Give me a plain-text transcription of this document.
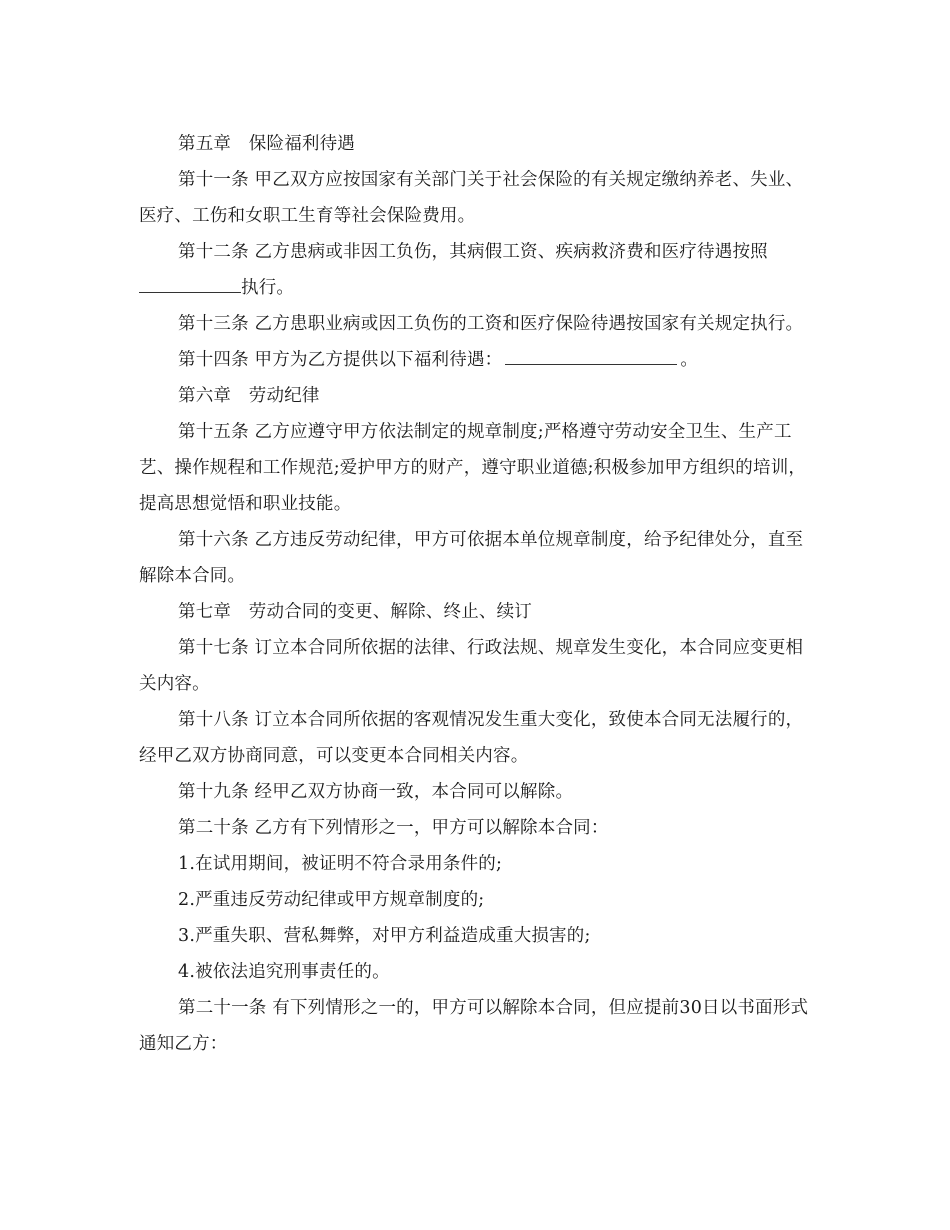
第五章　保险福利待遇

第十一条 甲乙双方应按国家有关部门关于社会保险的有关规定缴纳养老、失业、医疗、工伤和女职工生育等社会保险费用。

第十二条 乙方患病或非因工负伤，其病假工资、疾病救济费和医疗待遇按照执行。

第十三条 乙方患职业病或因工负伤的工资和医疗保险待遇按国家有关规定执行。

第十四条 甲方为乙方提供以下福利待遇：	。

第六章　劳动纪律

第十五条 乙方应遵守甲方依法制定的规章制度;严格遵守劳动安全卫生、生产工艺、操作规程和工作规范;爱护甲方的财产，遵守职业道德;积极参加甲方组织的培训，提高思想觉悟和职业技能。

第十六条 乙方违反劳动纪律，甲方可依据本单位规章制度，给予纪律处分，直至解除本合同。

第七章　劳动合同的变更、解除、终止、续订

第十七条 订立本合同所依据的法律、行政法规、规章发生变化，本合同应变更相关内容。

第十八条 订立本合同所依据的客观情况发生重大变化，致使本合同无法履行的，经甲乙双方协商同意，可以变更本合同相关内容。

第十九条 经甲乙双方协商一致，本合同可以解除。

第二十条 乙方有下列情形之一，甲方可以解除本合同：

1.在试用期间，被证明不符合录用条件的;

2.严重违反劳动纪律或甲方规章制度的;

3.严重失职、营私舞弊，对甲方利益造成重大损害的;

4.被依法追究刑事责任的。

第二十一条 有下列情形之一的，甲方可以解除本合同，但应提前30日以书面形式通知乙方：
